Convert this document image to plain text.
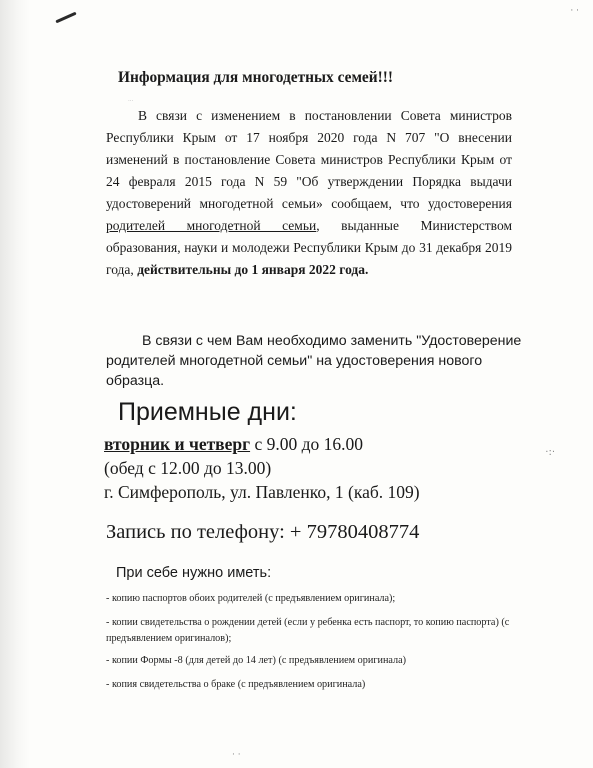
· ·
·:·
· ·
Информация для многодетных семей!!!
...
В связи с изменением в постановлении Совета министров Республики Крым от 17 ноября 2020 года N 707 "О внесении изменений в постановление Совета министров Республики Крым от 24 февраля 2015 года N 59 "Об утверждении Порядка выдачи удостоверений многодетной семьи» сообщаем, что удостоверения родителей многодетной семьи, выданные Министерством образования, науки и молодежи Республики Крым до 31 декабря 2019 года, действительны до 1 января 2022 года.
В связи с чем Вам необходимо заменить "Удостоверение родителей многодетной семьи" на удостоверения нового образца.
Приемные дни:
вторник и четверг с 9.00 до 16.00
(обед с 12.00 до 13.00)
г. Симферополь, ул. Павленко, 1 (каб. 109)
Запись по телефону: + 79780408774
При себе нужно иметь:
- копию паспортов обоих родителей (с предъявлением оригинала);
- копии свидетельства о рождении детей (если у ребенка есть паспорт, то копию паспорта) (с предъявлением оригиналов);
- копии Формы -8 (для детей до 14 лет) (с предъявлением оригинала)
- копия свидетельства о браке (с предъявлением оригинала)
